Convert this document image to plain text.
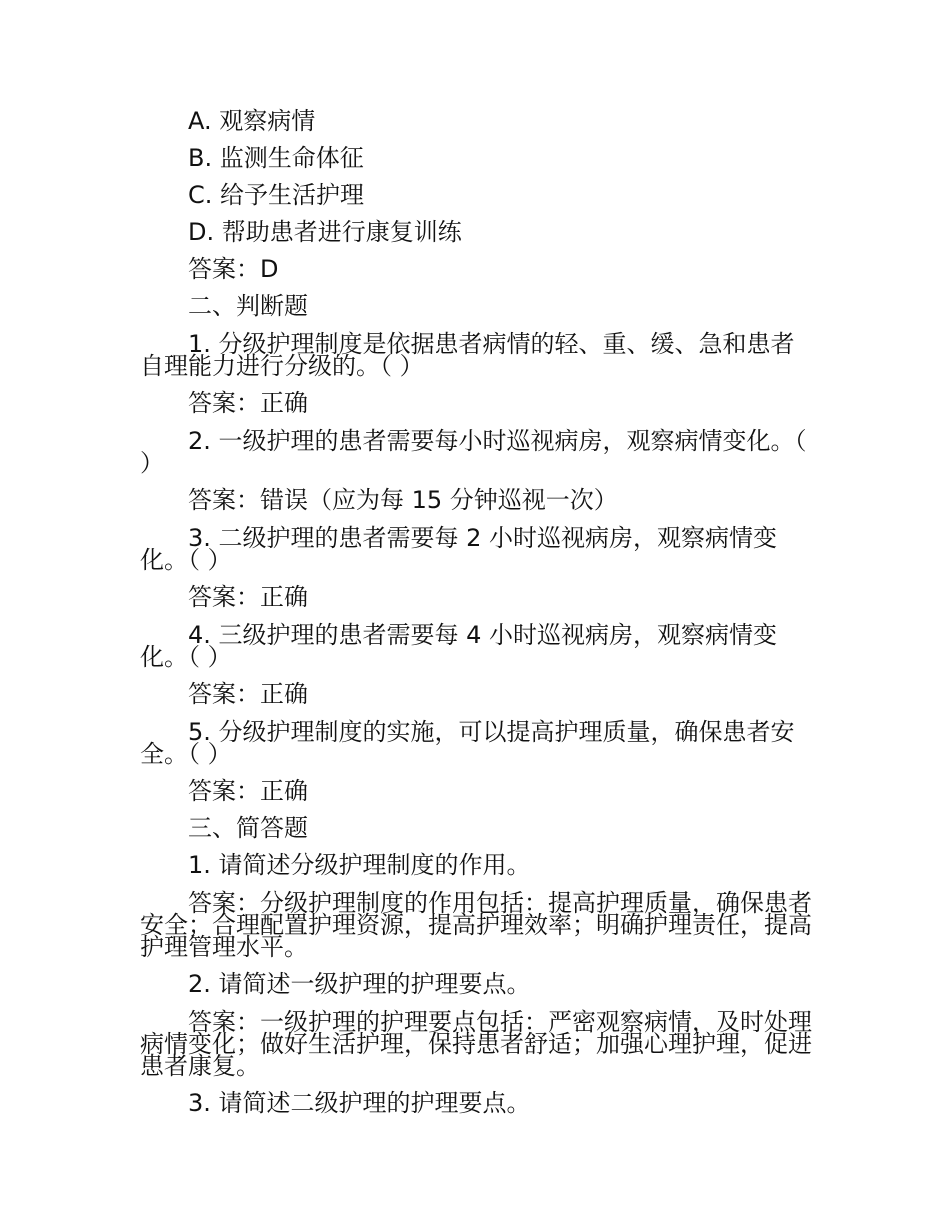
A. 观察病情
B. 监测生命体征
C. 给予生活护理
D. 帮助患者进行康复训练
答案：D
二、判断题
1. 分级护理制度是依据患者病情的轻、重、缓、急和患者自理能力进行分级的。（ ）
答案：正确
2. 一级护理的患者需要每小时巡视病房，观察病情变化。（ ）
答案：错误（应为每 15 分钟巡视一次）
3. 二级护理的患者需要每 2 小时巡视病房，观察病情变化。（ ）
答案：正确
4. 三级护理的患者需要每 4 小时巡视病房，观察病情变化。（ ）
答案：正确
5. 分级护理制度的实施，可以提高护理质量，确保患者安全。（ ）
答案：正确
三、简答题
1. 请简述分级护理制度的作用。
答案：分级护理制度的作用包括：提高护理质量，确保患者安全；合理配置护理资源，提高护理效率；明确护理责任，提高护理管理水平。
2. 请简述一级护理的护理要点。
答案：一级护理的护理要点包括：严密观察病情，及时处理病情变化；做好生活护理，保持患者舒适；加强心理护理，促进患者康复。
3. 请简述二级护理的护理要点。
